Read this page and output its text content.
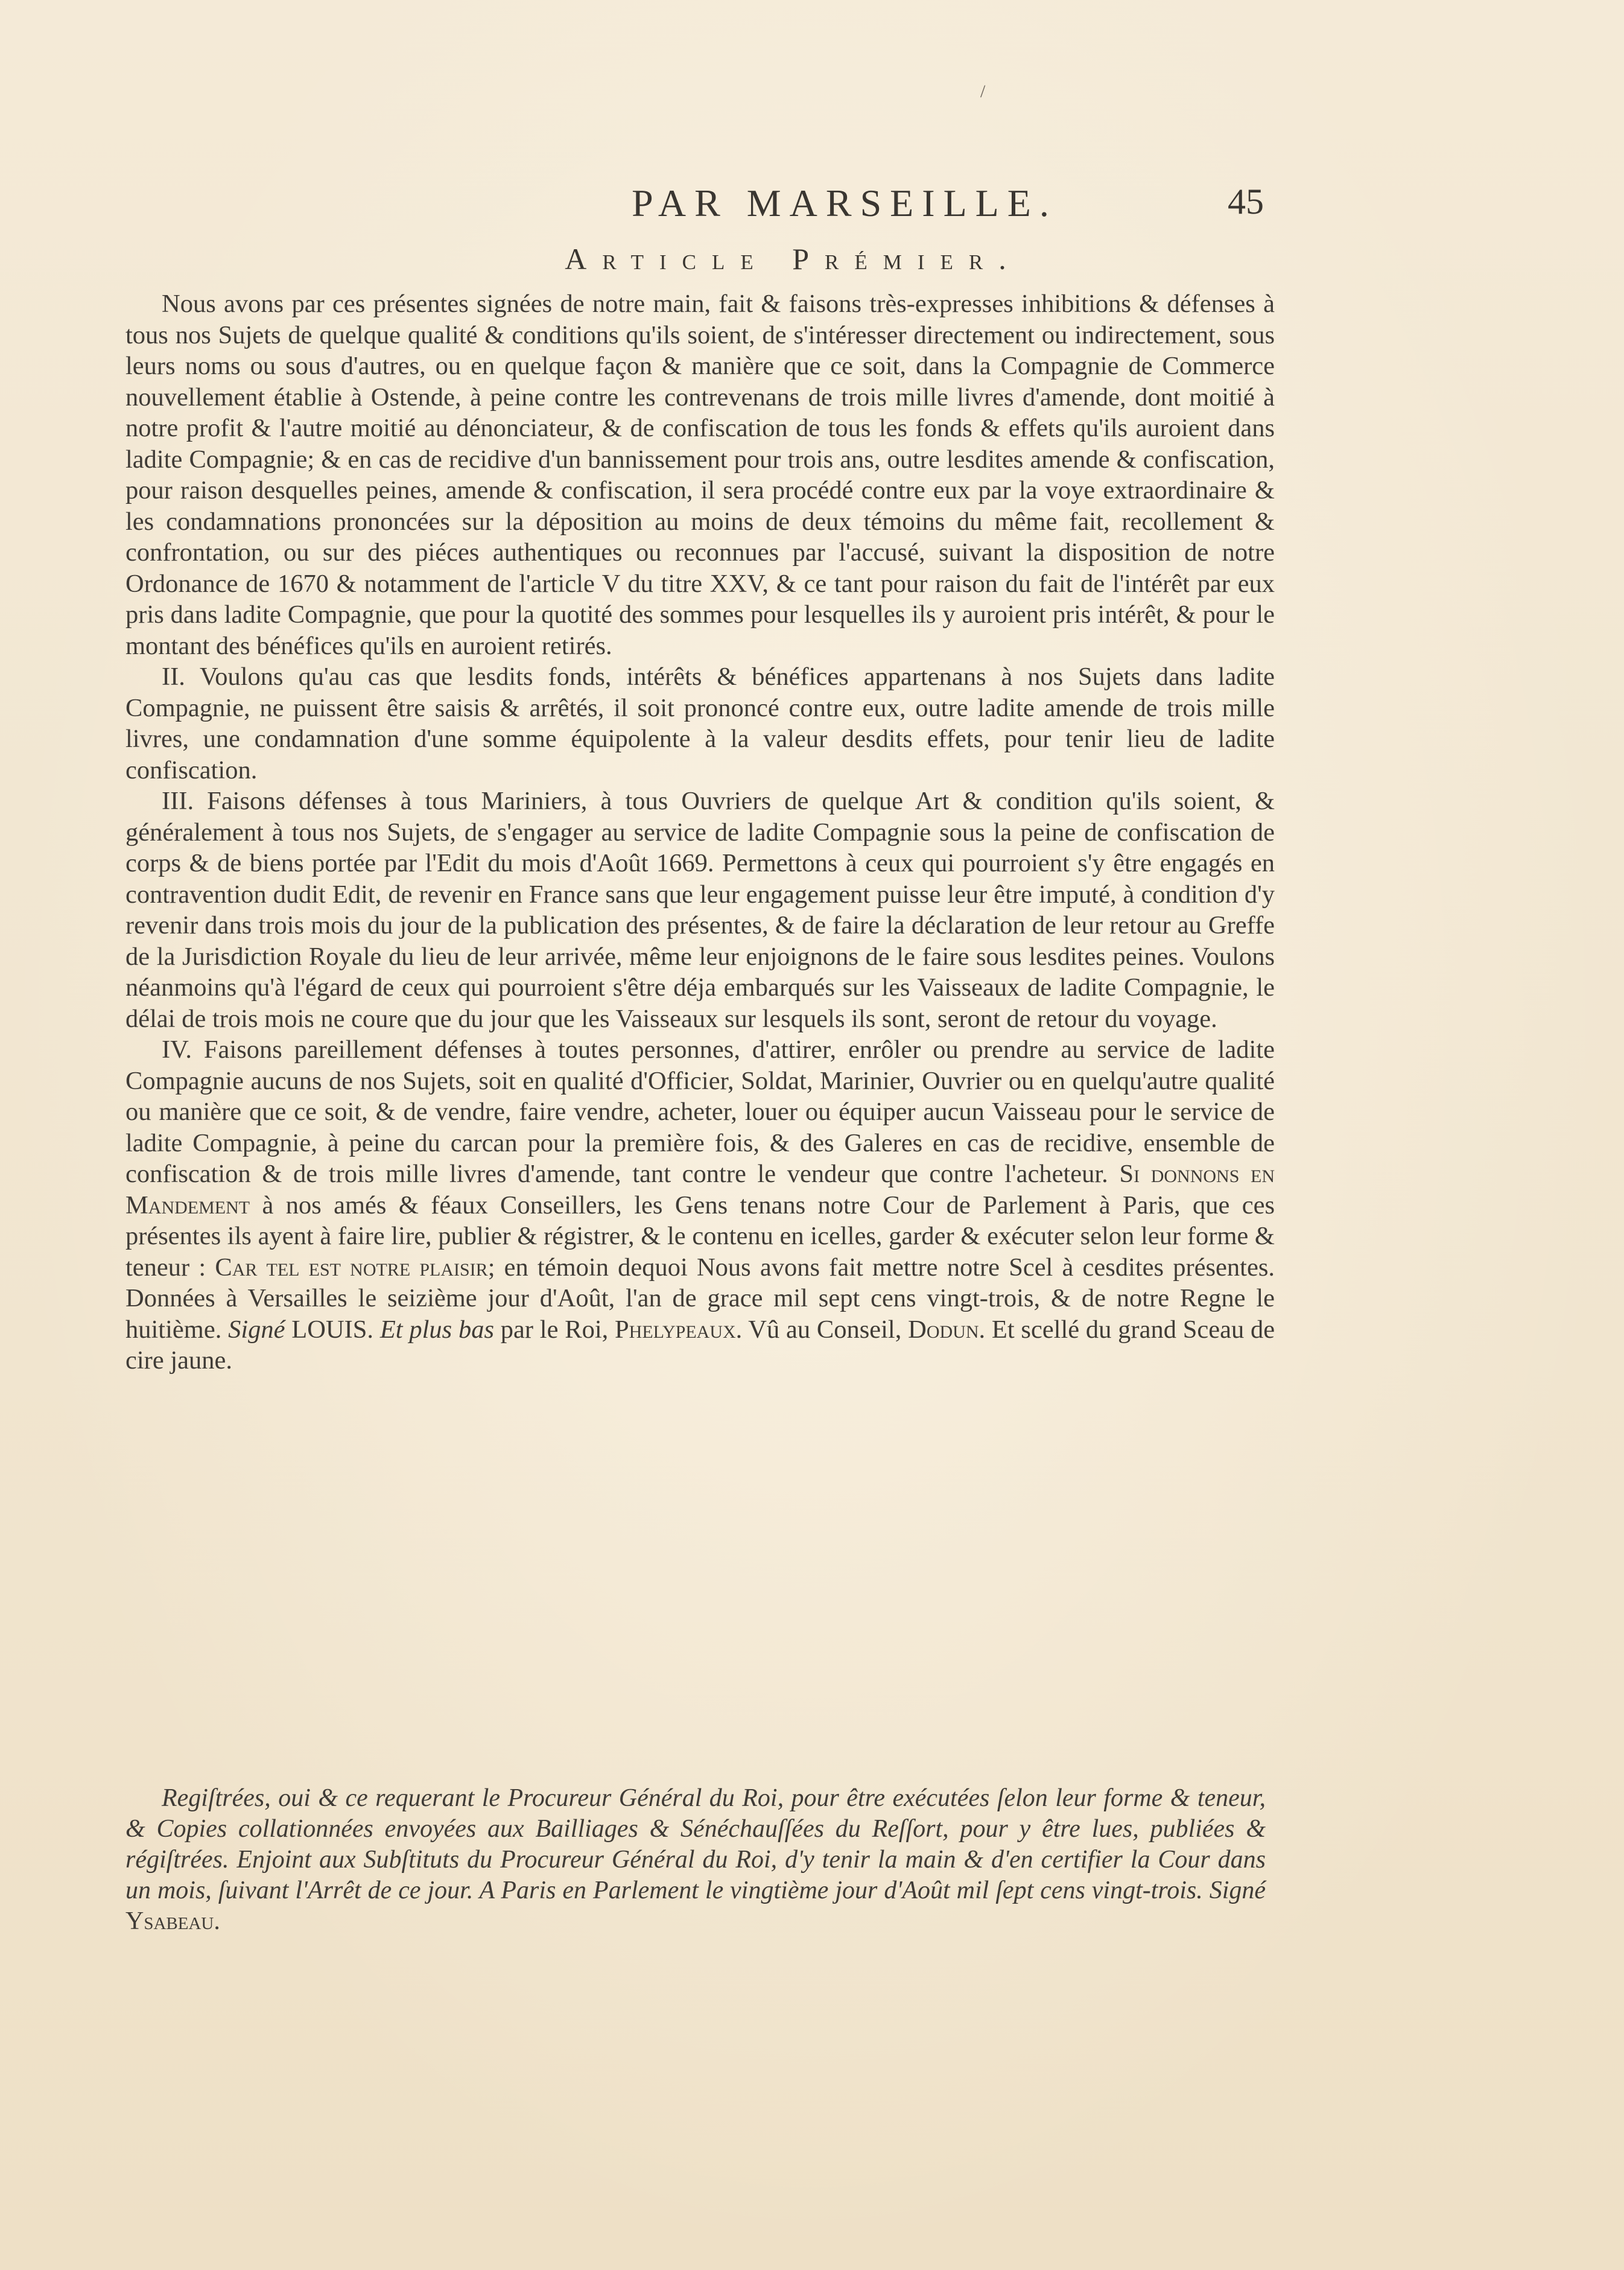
/
PAR MARSEILLE.	45
Article Prémier.

Nous avons par ces présentes signées de notre main, fait & faisons très-expresses inhibitions & défenses à tous nos Sujets de quelque qualité & conditions qu'ils soient, de s'intéresser directement ou indirectement, sous leurs noms ou sous d'autres, ou en quelque façon & manière que ce soit, dans la Compagnie de Commerce nouvellement établie à Ostende, à peine contre les contrevenans de trois mille livres d'amende, dont moitié à notre profit & l'autre moitié au dénonciateur, & de confiscation de tous les fonds & effets qu'ils auroient dans ladite Compagnie; & en cas de recidive d'un bannissement pour trois ans, outre lesdites amende & confiscation, pour raison desquelles peines, amende & confiscation, il sera procédé contre eux par la voye extraordinaire & les condamnations prononcées sur la déposition au moins de deux témoins du même fait, recollement & confrontation, ou sur des piéces authentiques ou reconnues par l'accusé, suivant la disposition de notre Ordonance de 1670 & notamment de l'article V du titre XXV, & ce tant pour raison du fait de l'intérêt par eux pris dans ladite Compagnie, que pour la quotité des sommes pour lesquelles ils y auroient pris intérêt, & pour le montant des bénéfices qu'ils en auroient retirés.

II. Voulons qu'au cas que lesdits fonds, intérêts & bénéfices appartenans à nos Sujets dans ladite Compagnie, ne puissent être saisis & arrêtés, il soit prononcé contre eux, outre ladite amende de trois mille livres, une condamnation d'une somme équipolente à la valeur desdits effets, pour tenir lieu de ladite confiscation.

III. Faisons défenses à tous Mariniers, à tous Ouvriers de quelque Art & condition qu'ils soient, & généralement à tous nos Sujets, de s'engager au service de ladite Compagnie sous la peine de confiscation de corps & de biens portée par l'Edit du mois d'Août 1669. Permettons à ceux qui pourroient s'y être engagés en contravention dudit Edit, de revenir en France sans que leur engagement puisse leur être imputé, à condition d'y revenir dans trois mois du jour de la publication des présentes, & de faire la déclaration de leur retour au Greffe de la Jurisdiction Royale du lieu de leur arrivée, même leur enjoignons de le faire sous lesdites peines. Voulons néanmoins qu'à l'égard de ceux qui pourroient s'être déja embarqués sur les Vaisseaux de ladite Compagnie, le délai de trois mois ne coure que du jour que les Vaisseaux sur lesquels ils sont, seront de retour du voyage.

IV. Faisons pareillement défenses à toutes personnes, d'attirer, enrôler ou prendre au service de ladite Compagnie aucuns de nos Sujets, soit en qualité d'Officier, Soldat, Marinier, Ouvrier ou en quelqu'autre qualité ou manière que ce soit, & de vendre, faire vendre, acheter, louer ou équiper aucun Vaisseau pour le service de ladite Compagnie, à peine du carcan pour la première fois, & des Galeres en cas de recidive, ensemble de confiscation & de trois mille livres d'amende, tant contre le vendeur que contre l'acheteur. Si donnons en Mandement à nos amés & féaux Conseillers, les Gens tenans notre Cour de Parlement à Paris, que ces présentes ils ayent à faire lire, publier & régistrer, & le contenu en icelles, garder & exécuter selon leur forme & teneur : Car tel est notre plaisir; en témoin dequoi Nous avons fait mettre notre Scel à cesdites présentes. Données à Versailles le seizième jour d'Août, l'an de grace mil sept cens vingt-trois, & de notre Regne le huitième. Signé LOUIS. Et plus bas par le Roi, Phelypeaux. Vû au Conseil, Dodun. Et scellé du grand Sceau de cire jaune.

Regiſtrées, oui & ce requerant le Procureur Général du Roi, pour être exécutées ſelon leur forme & teneur, & Copies collationnées envoyées aux Bailliages & Sénéchauſſées du Reſſort, pour y être lues, publiées & régiſtrées. Enjoint aux Subſtituts du Procureur Général du Roi, d'y tenir la main & d'en certifier la Cour dans un mois, ſuivant l'Arrêt de ce jour. A Paris en Parlement le vingtième jour d'Août mil ſept cens vingt-trois. Signé Ysabeau.
